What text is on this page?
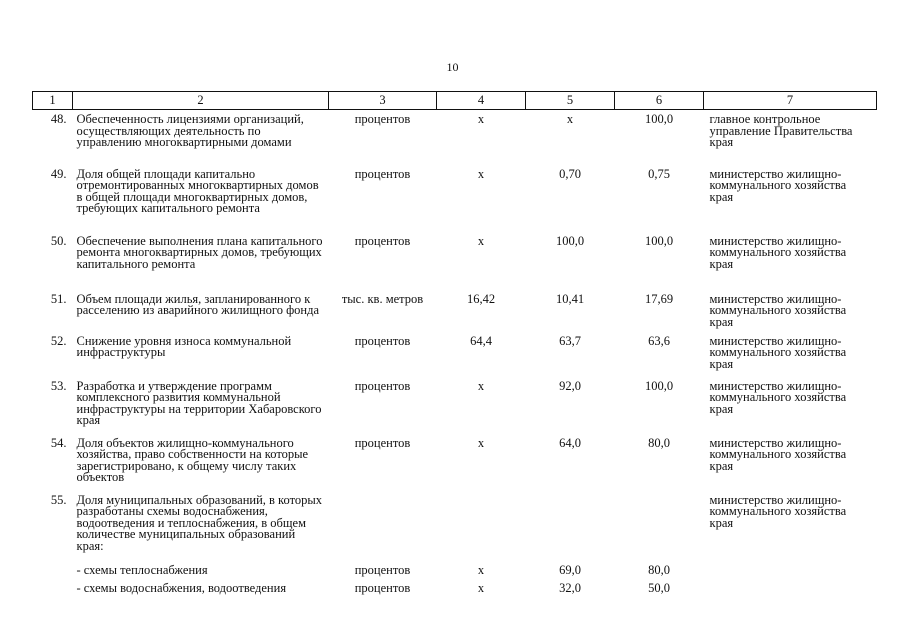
10
1	2	3	4	5	6	7

48.	Обеспеченность лицензиями организаций, осуществляющих деятельность по управлению многоквартирными домами	процентов	х	х	100,0	главное контрольное управление Правительства края

49.	Доля общей площади капитально отремонтированных многоквартирных домов в общей площади многоквартирных домов, требующих капитального ремонта	процентов	х	0,70	0,75	министерство жилищно-коммунального хозяйства края

50.	Обеспечение выполнения плана капитального ремонта многоквартирных домов, требующих капитального ремонта	процентов	х	100,0	100,0	министерство жилищно-коммунального хозяйства края

51.	Объем площади жилья, запланированного к расселению из аварийного жилищного фонда	тыс. кв. метров	16,42	10,41	17,69	министерство жилищно-коммунального хозяйства края

52.	Снижение уровня износа коммунальной инфраструктуры	процентов	64,4	63,7	63,6	министерство жилищно-коммунального хозяйства края

53.	Разработка и утверждение программ комплексного развития коммунальной инфраструктуры на территории Хабаровского края	процентов	х	92,0	100,0	министерство жилищно-коммунального хозяйства края

54.	Доля объектов жилищно-коммунального хозяйства, право собственности на которые зарегистрировано, к общему числу таких объектов	процентов	х	64,0	80,0	министерство жилищно-коммунального хозяйства края

55.	Доля муниципальных образований, в которых разработаны схемы водоснабжения, водоотведения и теплоснабжения, в общем количестве муниципальных образований края:					министерство жилищно-коммунального хозяйства края

	- схемы теплоснабжения	процентов	х	69,0	80,0	

	- схемы водоснабжения, водоотведения	процентов	х	32,0	50,0	
